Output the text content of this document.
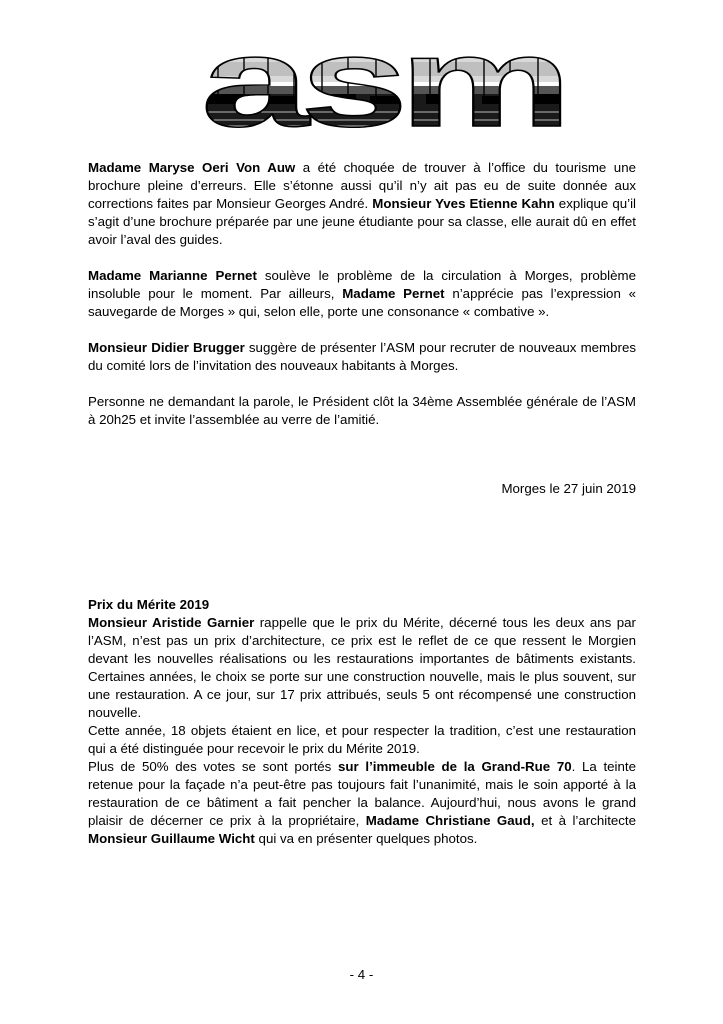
asm

Madame Maryse Oeri Von Auw a été choquée de trouver à l’office du tourisme une brochure pleine d’erreurs. Elle s’étonne aussi qu’il n’y ait pas eu de suite donnée aux corrections faites par Monsieur Georges André. Monsieur Yves Etienne Kahn explique qu’il s’agit d’une brochure préparée par une jeune étudiante pour sa classe, elle aurait dû en effet avoir l’aval des guides.

Madame Marianne Pernet soulève le problème de la circulation à Morges, problème insoluble pour le moment. Par ailleurs, Madame Pernet n’apprécie pas l’expression « sauvegarde de Morges » qui, selon elle, porte une consonance « combative ».

Monsieur Didier Brugger suggère de présenter l’ASM pour recruter de nouveaux membres du comité lors de l’invitation des nouveaux habitants à Morges.

Personne ne demandant la parole, le Président clôt la 34ème Assemblée générale de l’ASM à 20h25 et invite l’assemblée au verre de l’amitié.

Morges le 27 juin 2019
Prix du Mérite 2019

Monsieur Aristide Garnier rappelle que le prix du Mérite, décerné tous les deux ans par l’ASM, n’est pas un prix d’architecture, ce prix est le reflet de ce que ressent le Morgien devant les nouvelles réalisations ou les restaurations importantes de bâtiments existants. Certaines années, le choix se porte sur une construction nouvelle, mais le plus souvent, sur une restauration. A ce jour, sur 17 prix attribués, seuls 5 ont récompensé une construction nouvelle.

Cette année, 18 objets étaient en lice, et pour respecter la tradition, c’est une restauration qui a été distinguée pour recevoir le prix du Mérite 2019.

Plus de 50% des votes se sont portés sur l’immeuble de la Grand-Rue 70. La teinte retenue pour la façade n’a peut-être pas toujours fait l’unanimité, mais le soin apporté à la restauration de ce bâtiment a fait pencher la balance. Aujourd’hui, nous avons le grand plaisir de décerner ce prix à la propriétaire, Madame Christiane Gaud, et à l’architecte Monsieur Guillaume Wicht qui va en présenter quelques photos.

- 4 -
